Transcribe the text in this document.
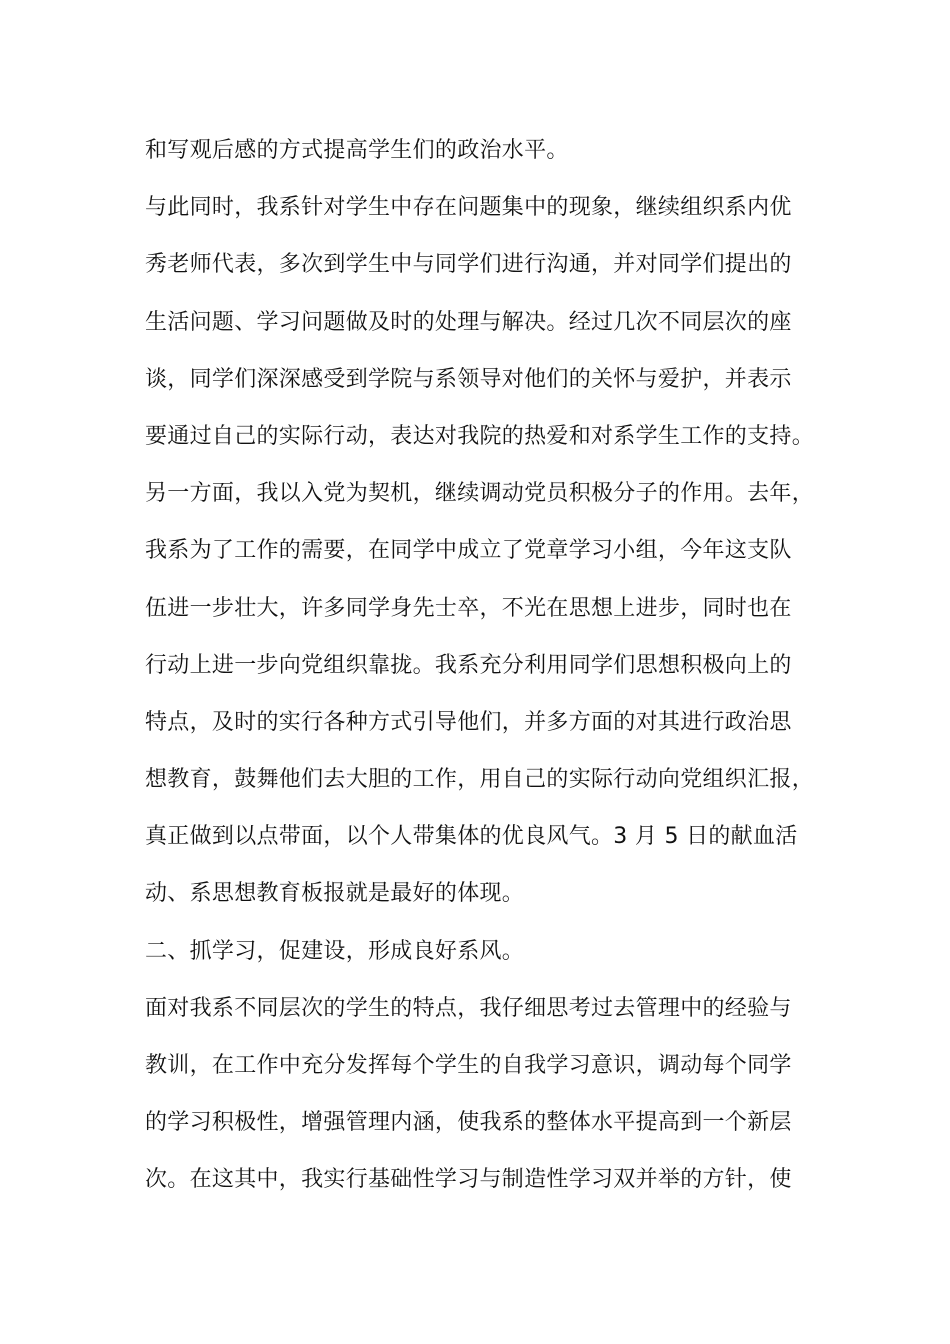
和写观后感的方式提高学生们的政治水平。
与此同时，我系针对学生中存在问题集中的现象，继续组织系内优
秀老师代表，多次到学生中与同学们进行沟通，并对同学们提出的
生活问题、学习问题做及时的处理与解决。经过几次不同层次的座
谈，同学们深深感受到学院与系领导对他们的关怀与爱护，并表示
要通过自己的实际行动，表达对我院的热爱和对系学生工作的支持。
另一方面，我以入党为契机，继续调动党员积极分子的作用。去年，
我系为了工作的需要，在同学中成立了党章学习小组，今年这支队
伍进一步壮大，许多同学身先士卒，不光在思想上进步，同时也在
行动上进一步向党组织靠拢。我系充分利用同学们思想积极向上的
特点，及时的实行各种方式引导他们，并多方面的对其进行政治思
想教育，鼓舞他们去大胆的工作，用自己的实际行动向党组织汇报，
真正做到以点带面，以个人带集体的优良风气。3 月 5 日的献血活
动、系思想教育板报就是最好的体现。
二、抓学习，促建设，形成良好系风。
面对我系不同层次的学生的特点，我仔细思考过去管理中的经验与
教训，在工作中充分发挥每个学生的自我学习意识，调动每个同学
的学习积极性，增强管理内涵，使我系的整体水平提高到一个新层
次。在这其中，我实行基础性学习与制造性学习双并举的方针，使
